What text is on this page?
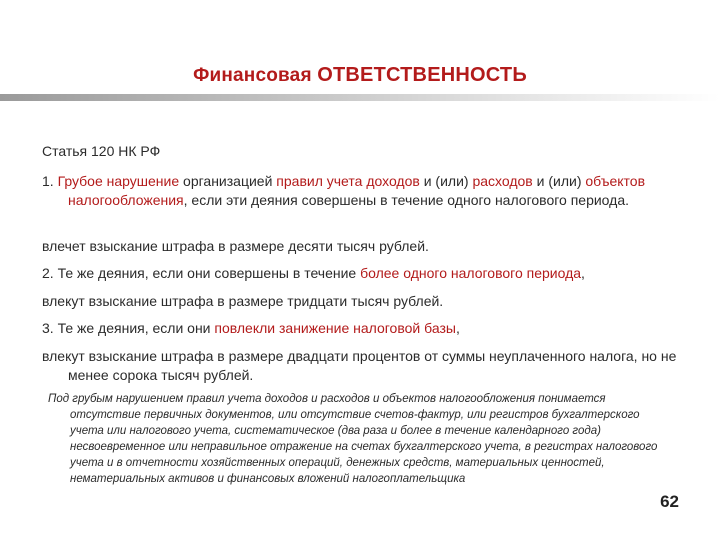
Финансовая ОТВЕТСТВЕННОСТЬ
Статья 120 НК РФ
1. Грубое нарушение организацией правил учета доходов и (или) расходов и (или) объектов налогообложения, если эти деяния совершены в течение одного налогового периода.
влечет взыскание штрафа в размере десяти тысяч рублей.
2. Те же деяния, если они совершены в течение более одного налогового периода,
влекут взыскание штрафа в размере тридцати тысяч рублей.
3. Те же деяния, если они повлекли занижение налоговой базы,
влекут взыскание штрафа в размере двадцати процентов от суммы неуплаченного налога, но не менее сорока тысяч рублей.
Под грубым нарушением правил учета доходов и расходов и объектов налогообложения понимается отсутствие первичных документов, или отсутствие счетов-фактур, или регистров бухгалтерского учета или налогового учета, систематическое (два раза и более в течение календарного года) несвоевременное или неправильное отражение на счетах бухгалтерского учета, в регистрах налогового учета и в отчетности хозяйственных операций, денежных средств, материальных ценностей, нематериальных активов и финансовых вложений налогоплательщика
62
